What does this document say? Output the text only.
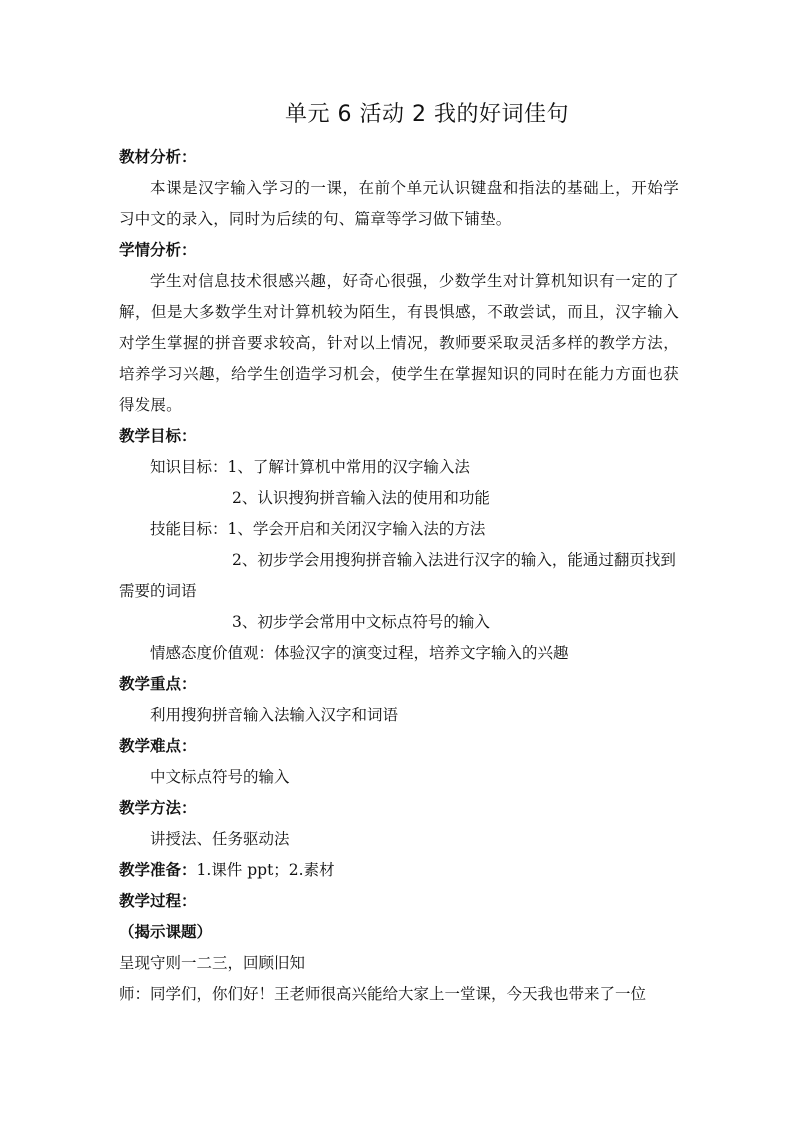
单元 6 活动 2 我的好词佳句
教材分析：
本课是汉字输入学习的一课，在前个单元认识键盘和指法的基础上，开始学习中文的录入，同时为后续的句、篇章等学习做下铺垫。
学情分析：
学生对信息技术很感兴趣，好奇心很强，少数学生对计算机知识有一定的了解，但是大多数学生对计算机较为陌生，有畏惧感，不敢尝试，而且，汉字输入对学生掌握的拼音要求较高，针对以上情况，教师要采取灵活多样的教学方法，培养学习兴趣，给学生创造学习机会，使学生在掌握知识的同时在能力方面也获得发展。
教学目标：
知识目标：1、了解计算机中常用的汉字输入法
2、认识搜狗拼音输入法的使用和功能
技能目标：1、学会开启和关闭汉字输入法的方法
2、初步学会用搜狗拼音输入法进行汉字的输入，能通过翻页找到需要的词语
3、初步学会常用中文标点符号的输入
情感态度价值观：体验汉字的演变过程，培养文字输入的兴趣
教学重点：
利用搜狗拼音输入法输入汉字和词语
教学难点：
中文标点符号的输入
教学方法：
讲授法、任务驱动法
教学准备：1.课件 ppt；2.素材
教学过程：
（揭示课题）
呈现守则一二三，回顾旧知
师：同学们，你们好！王老师很高兴能给大家上一堂课，今天我也带来了一位
